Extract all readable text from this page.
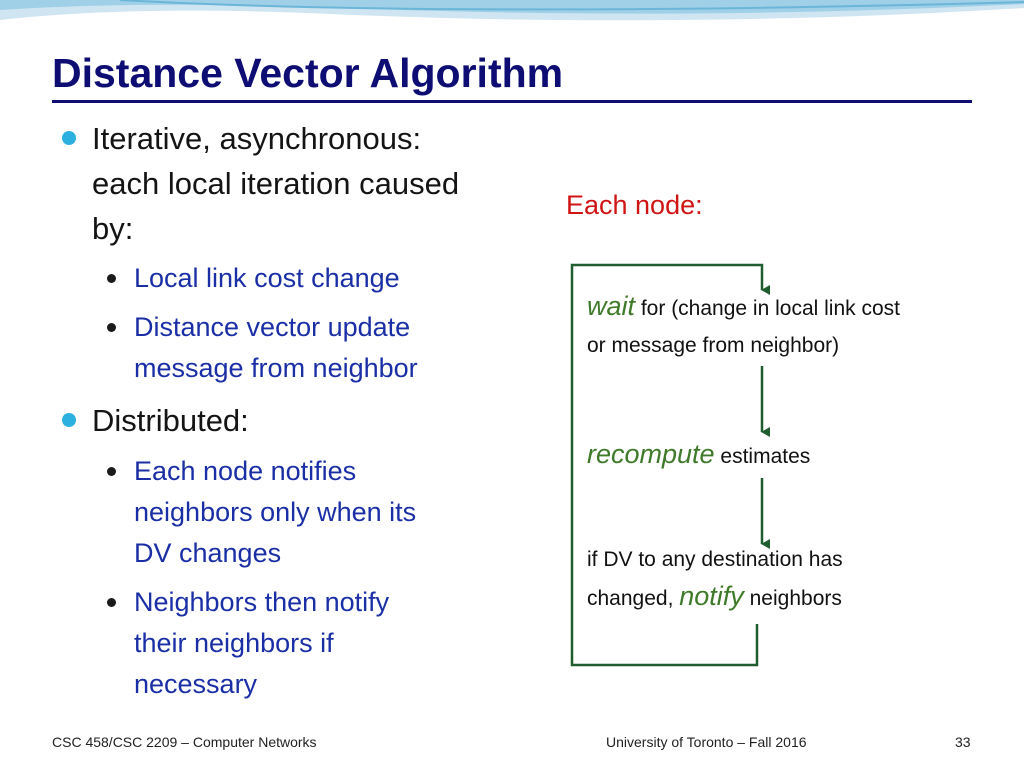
Distance Vector Algorithm
Iterative, asynchronous:
each local iteration caused
by:
Local link cost change
Distance vector update
message from neighbor
Distributed:
Each node notifies
neighbors only when its
DV changes
Neighbors then notify
their neighbors if
necessary
Each node:
wait for (change in local link cost
or message from neighbor)
recompute estimates
if DV to any destination has
changed, notify neighbors
CSC 458/CSC 2209 – Computer Networks	University of Toronto – Fall 2016	33
